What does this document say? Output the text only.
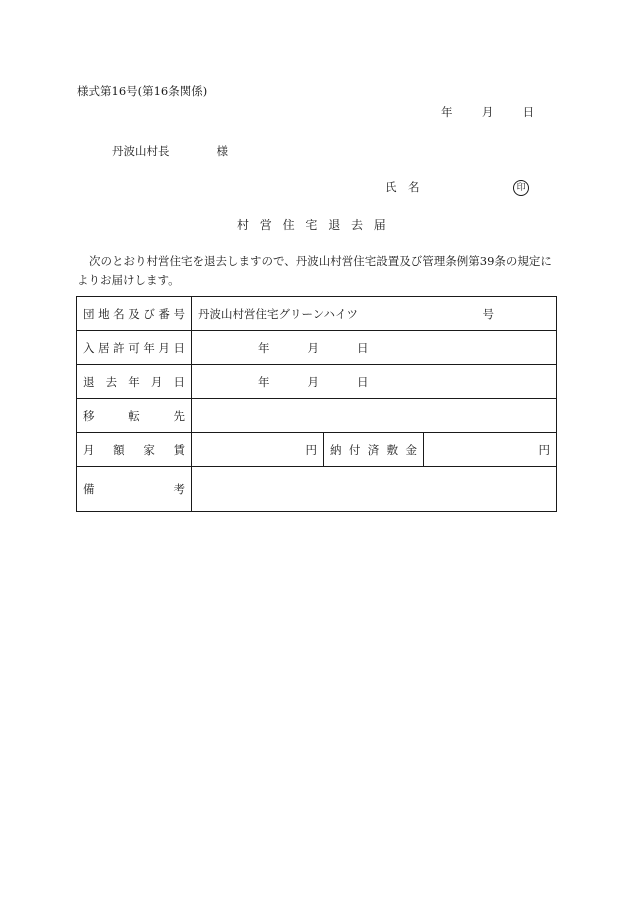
様式第16号(第16条関係)
年	月	日
丹波山村長	様
氏　名	印
村営住宅退去届
次のとおり村営住宅を退去しますので、丹波山村営住宅設置及び管理条例第39条の規定によりお届けします。
団地名及び番号	丹波山村営住宅グリーンハイツ 号		

入居許可年月日	年 月 日		
退去年月日	年 月 日		
移転先			
月額家賃	円	納付済敷金	円
備考			
